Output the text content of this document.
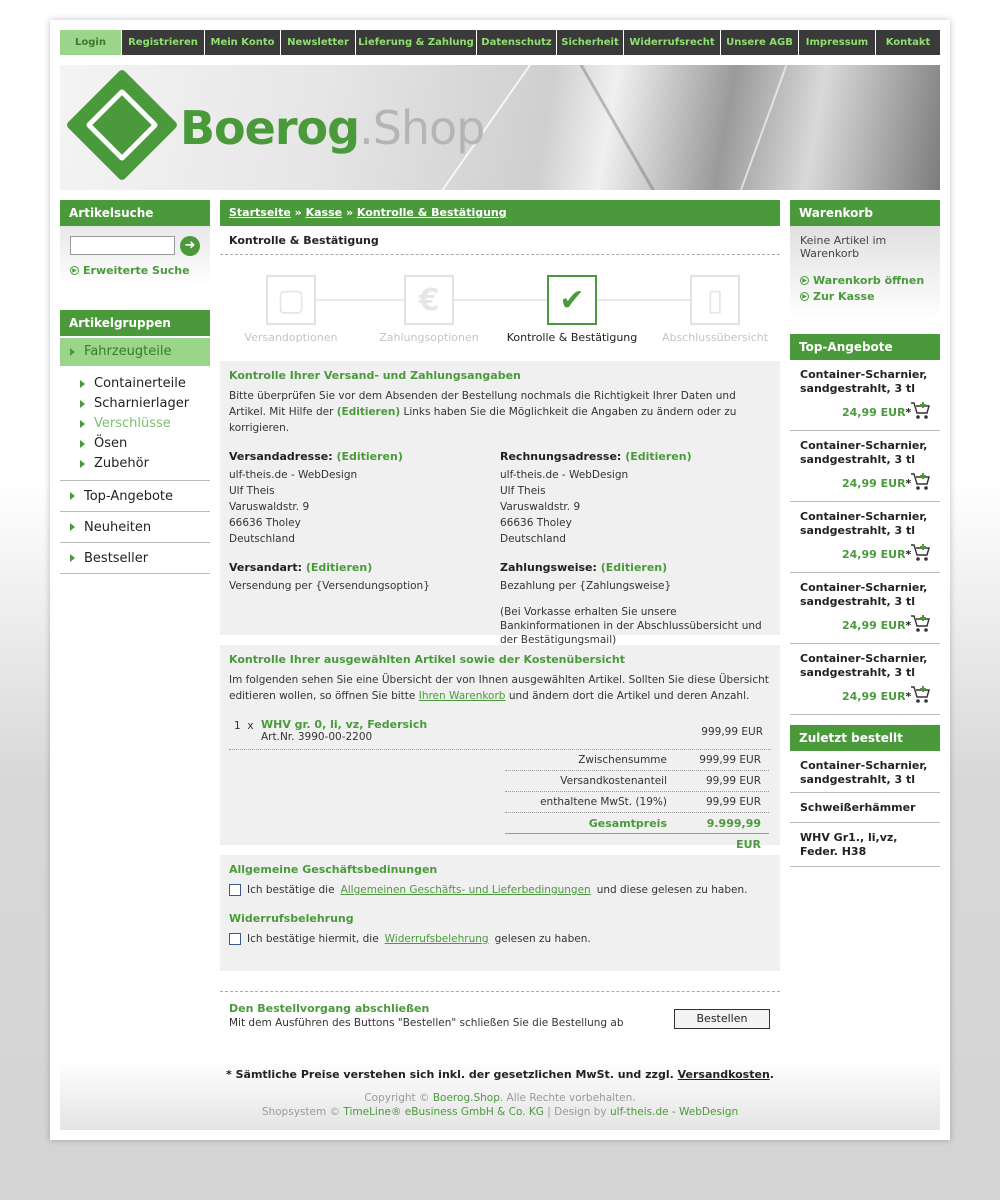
Login	Registrieren	Mein Konto	Newsletter Lieferung & Zahlung Datenschutz Sicherheit	Widerrufsrecht	Unsere AGB	Impressum	Kontakt
Boerog.Shop
Artikelsuche
➜
▶ Erweiterte Suche
Artikelgruppen
Fahrzeugteile
Containerteile
Scharnierlager
Verschlüsse
Ösen
Zubehör
Top-Angebote
Neuheiten
Bestseller
Startseite » Kasse » Kontrolle & Bestätigung
Kontrolle & Bestätigung
▢
Versandoptionen
€
Zahlungsoptionen
✔
Kontrolle & Bestätigung
▯
Abschlussübersicht
Kontrolle Ihrer Versand- und Zahlungsangaben

Bitte überprüfen Sie vor dem Absenden der Bestellung nochmals die Richtigkeit Ihrer Daten und Artikel. Mit Hilfe der (Editieren) Links haben Sie die Möglichkeit die Angaben zu ändern oder zu korrigieren.

Versandadresse: (Editieren)
ulf-theis.de - WebDesign
Ulf Theis
Varuswaldstr. 9
66636 Tholey
Deutschland
Rechnungsadresse: (Editieren)
ulf-theis.de - WebDesign
Ulf Theis
Varuswaldstr. 9
66636 Tholey
Deutschland
Versandart: (Editieren)
Versendung per {Versendungsoption}
Zahlungsweise: (Editieren)
Bezahlung per {Zahlungsweise}
(Bei Vorkasse erhalten Sie unsere Bankinformationen in der Abschlussübersicht und der Bestätigungsmail)
Kontrolle Ihrer ausgewählten Artikel sowie der Kostenübersicht

Im folgenden sehen Sie eine Übersicht der von Ihnen ausgewählten Artikel. Sollten Sie diese Übersicht editieren wollen, so öffnen Sie bitte Ihren Warenkorb und ändern dort die Artikel und deren Anzahl.

1 x WHV gr. 0, li, vz, Federsich
Art.Nr. 3990-00-2200	999,99 EUR
Zwischensumme	999,99 EUR
Versandkostenanteil	99,99 EUR
enthaltene MwSt. (19%)	99,99 EUR
Gesamtpreis	9.999,99 EUR
Allgemeine Geschäftsbedinungen
Ich bestätige die Allgemeinen Geschäfts- und Lieferbedingungen und diese gelesen zu haben.
Widerrufsbelehrung
Ich bestätige hiermit, die Widerrufsbelehrung gelesen zu haben.
Den Bestellvorgang abschließen

Mit dem Ausführen des Buttons "Bestellen" schließen Sie die Bestellung ab	Bestellen
Warenkorb
Keine Artikel im Warenkorb
▶ Warenkorb öffnen
▶ Zur Kasse
Top-Angebote
Container-Scharnier, sandgestrahlt, 3 tl
24,99 EUR*
Container-Scharnier, sandgestrahlt, 3 tl
24,99 EUR*
Container-Scharnier, sandgestrahlt, 3 tl
24,99 EUR*
Container-Scharnier, sandgestrahlt, 3 tl
24,99 EUR*
Container-Scharnier, sandgestrahlt, 3 tl
24,99 EUR*
Zuletzt bestellt
Container-Scharnier, sandgestrahlt, 3 tl
Schweißerhämmer
WHV Gr1., li,vz, Feder. H38
* Sämtliche Preise verstehen sich inkl. der gesetzlichen MwSt. und zzgl. Versandkosten.
Copyright © Boerog.Shop. Alle Rechte vorbehalten.
Shopsystem © TimeLine® eBusiness GmbH & Co. KG | Design by ulf-theis.de - WebDesign
